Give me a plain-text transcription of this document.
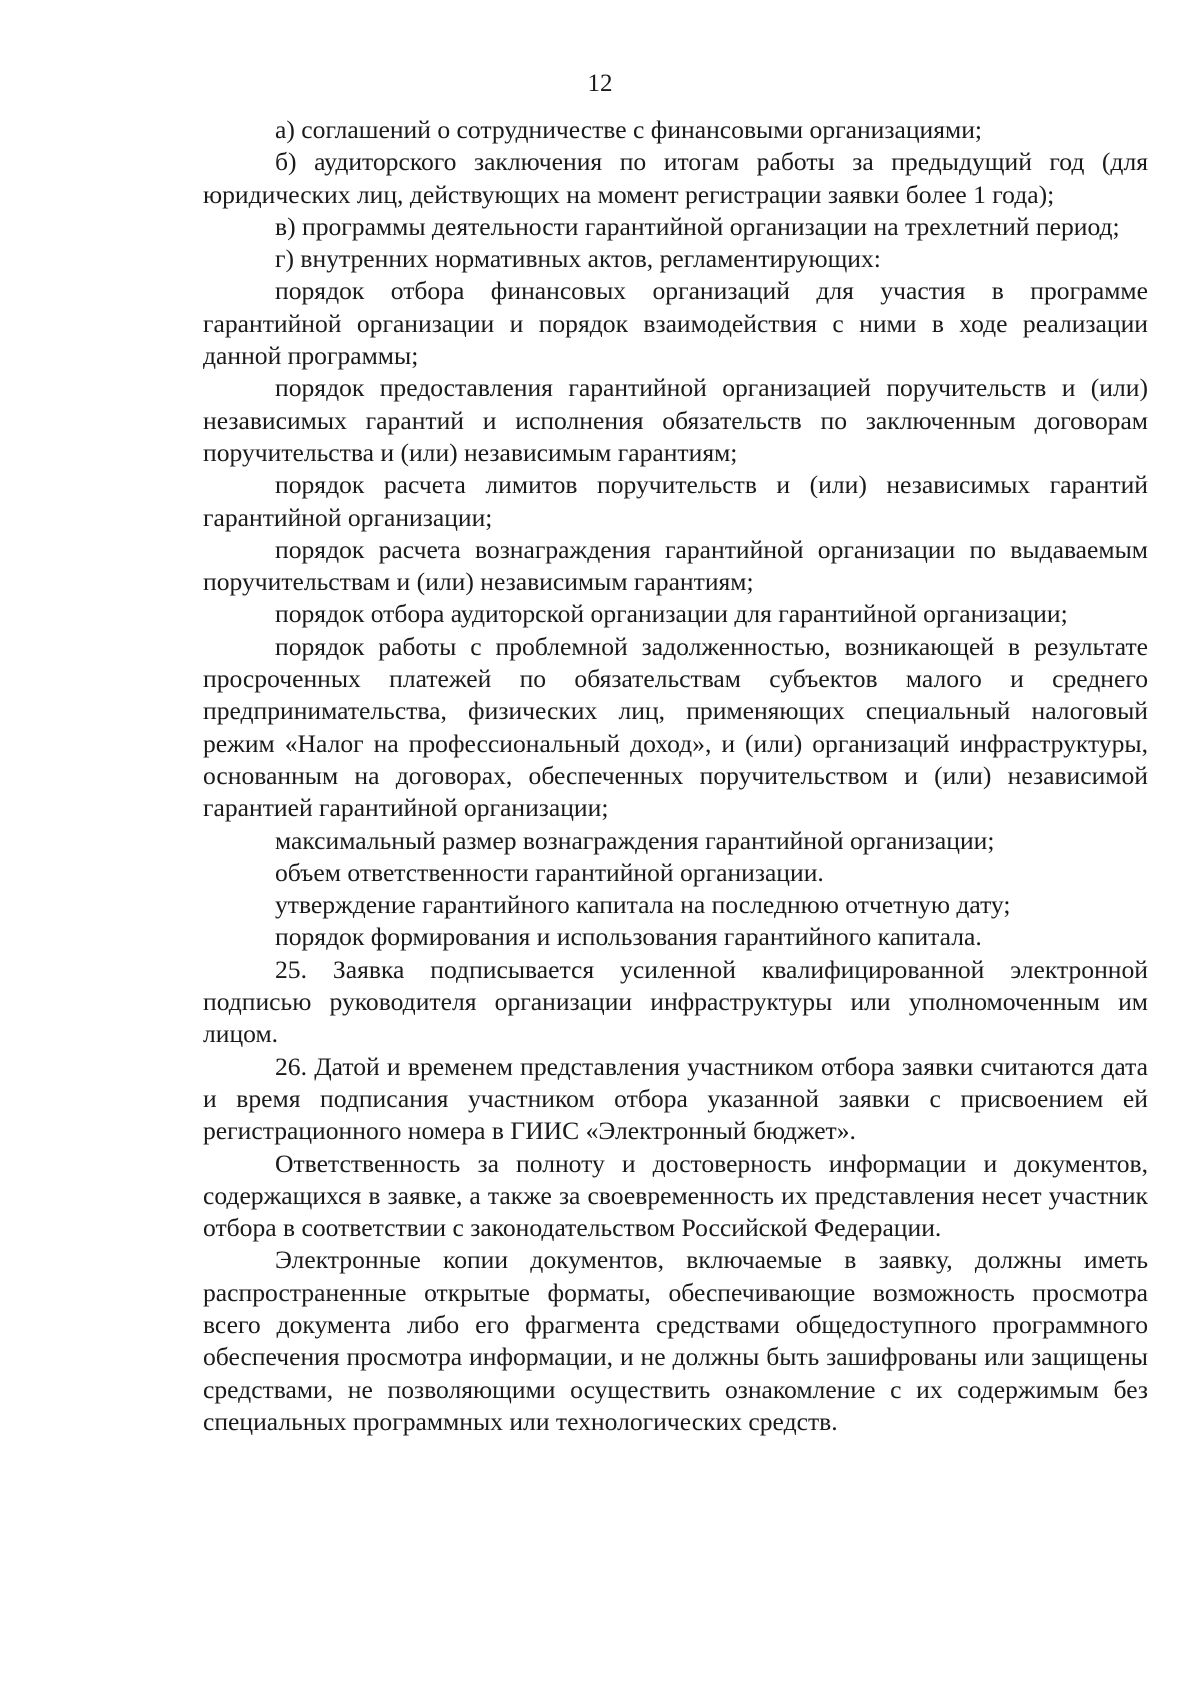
12

а) соглашений о сотрудничестве с финансовыми организациями;

б) аудиторского заключения по итогам работы за предыдущий год (для юридических лиц, действующих на момент регистрации заявки более 1 года);

в) программы деятельности гарантийной организации на трехлетний период;

г) внутренних нормативных актов, регламентирующих:

порядок отбора финансовых организаций для участия в программе гарантийной организации и порядок взаимодействия с ними в ходе реализации данной программы;

порядок предоставления гарантийной организацией поручительств и (или) независимых гарантий и исполнения обязательств по заключенным договорам поручительства и (или) независимым гарантиям;

порядок расчета лимитов поручительств и (или) независимых гарантий гарантийной организации;

порядок расчета вознаграждения гарантийной организации по выдаваемым поручительствам и (или) независимым гарантиям;

порядок отбора аудиторской организации для гарантийной организации;

порядок работы с проблемной задолженностью, возникающей в результате просроченных платежей по обязательствам субъектов малого и среднего предпринимательства, физических лиц, применяющих специальный налоговый режим «Налог на профессиональный доход», и (или) организаций инфраструктуры, основанным на договорах, обеспеченных поручительством и (или) независимой гарантией гарантийной организации;

максимальный размер вознаграждения гарантийной организации;

объем ответственности гарантийной организации.

утверждение гарантийного капитала на последнюю отчетную дату;

порядок формирования и использования гарантийного капитала.

25. Заявка подписывается усиленной квалифицированной электронной подписью руководителя организации инфраструктуры или уполномоченным им лицом.

26. Датой и временем представления участником отбора заявки считаются дата и время подписания участником отбора указанной заявки с присвоением ей регистрационного номера в ГИИС «Электронный бюджет».

Ответственность за полноту и достоверность информации и документов, содержащихся в заявке, а также за своевременность их представления несет участник отбора в соответствии с законодательством Российской Федерации.

Электронные копии документов, включаемые в заявку, должны иметь распространенные открытые форматы, обеспечивающие возможность просмотра всего документа либо его фрагмента средствами общедоступного программного обеспечения просмотра информации, и не должны быть зашифрованы или защищены средствами, не позволяющими осуществить ознакомление с их содержимым без специальных программных или технологических средств.
